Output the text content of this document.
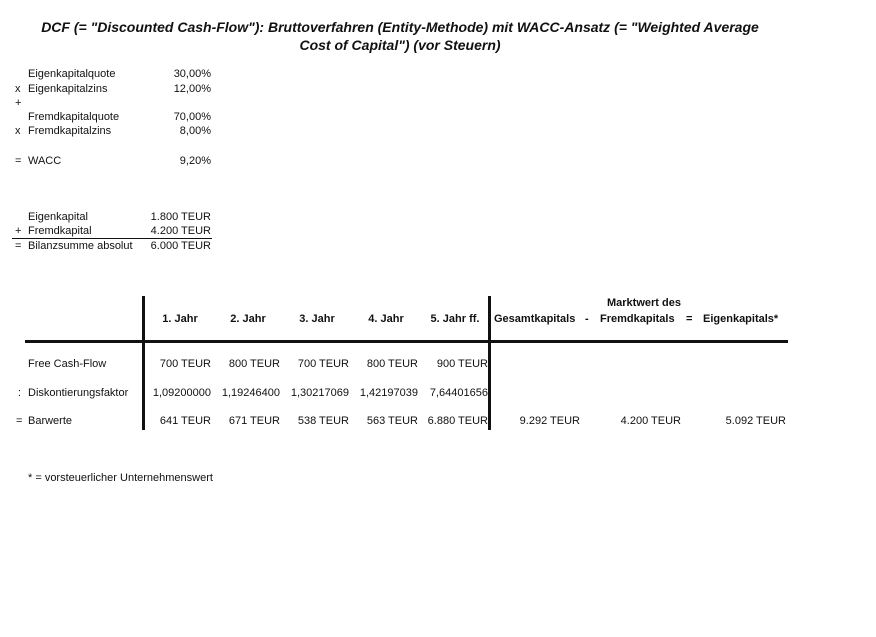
DCF (= "Discounted Cash-Flow"): Bruttoverfahren (Entity-Methode) mit WACC-Ansatz (= "Weighted Average
Cost of Capital") (vor Steuern)
Eigenkapitalquote	30,00%
x Eigenkapitalzins	12,00%
+
Fremdkapitalquote	70,00%
x Fremdkapitalzins	8,00%
= WACC	9,20%
Eigenkapital	1.800 TEUR
+ Fremdkapital	4.200 TEUR
= Bilanzsumme absolut 6.000 TEUR
Marktwert des
1. Jahr	2. Jahr	3. Jahr	4. Jahr	5. Jahr ff.	Gesamtkapitals - Fremdkapitals = Eigenkapitals*
Free Cash-Flow	700 TEUR 800 TEUR 700 TEUR 800 TEUR 900 TEUR
: Diskontierungsfaktor 1,09200000 1,19246400 1,30217069 1,42197039 7,64401656
= Barwerte	641 TEUR 671 TEUR 538 TEUR 563 TEUR 6.880 TEUR	9.292 TEUR	4.200 TEUR	5.092 TEUR
* = vorsteuerlicher Unternehmenswert
